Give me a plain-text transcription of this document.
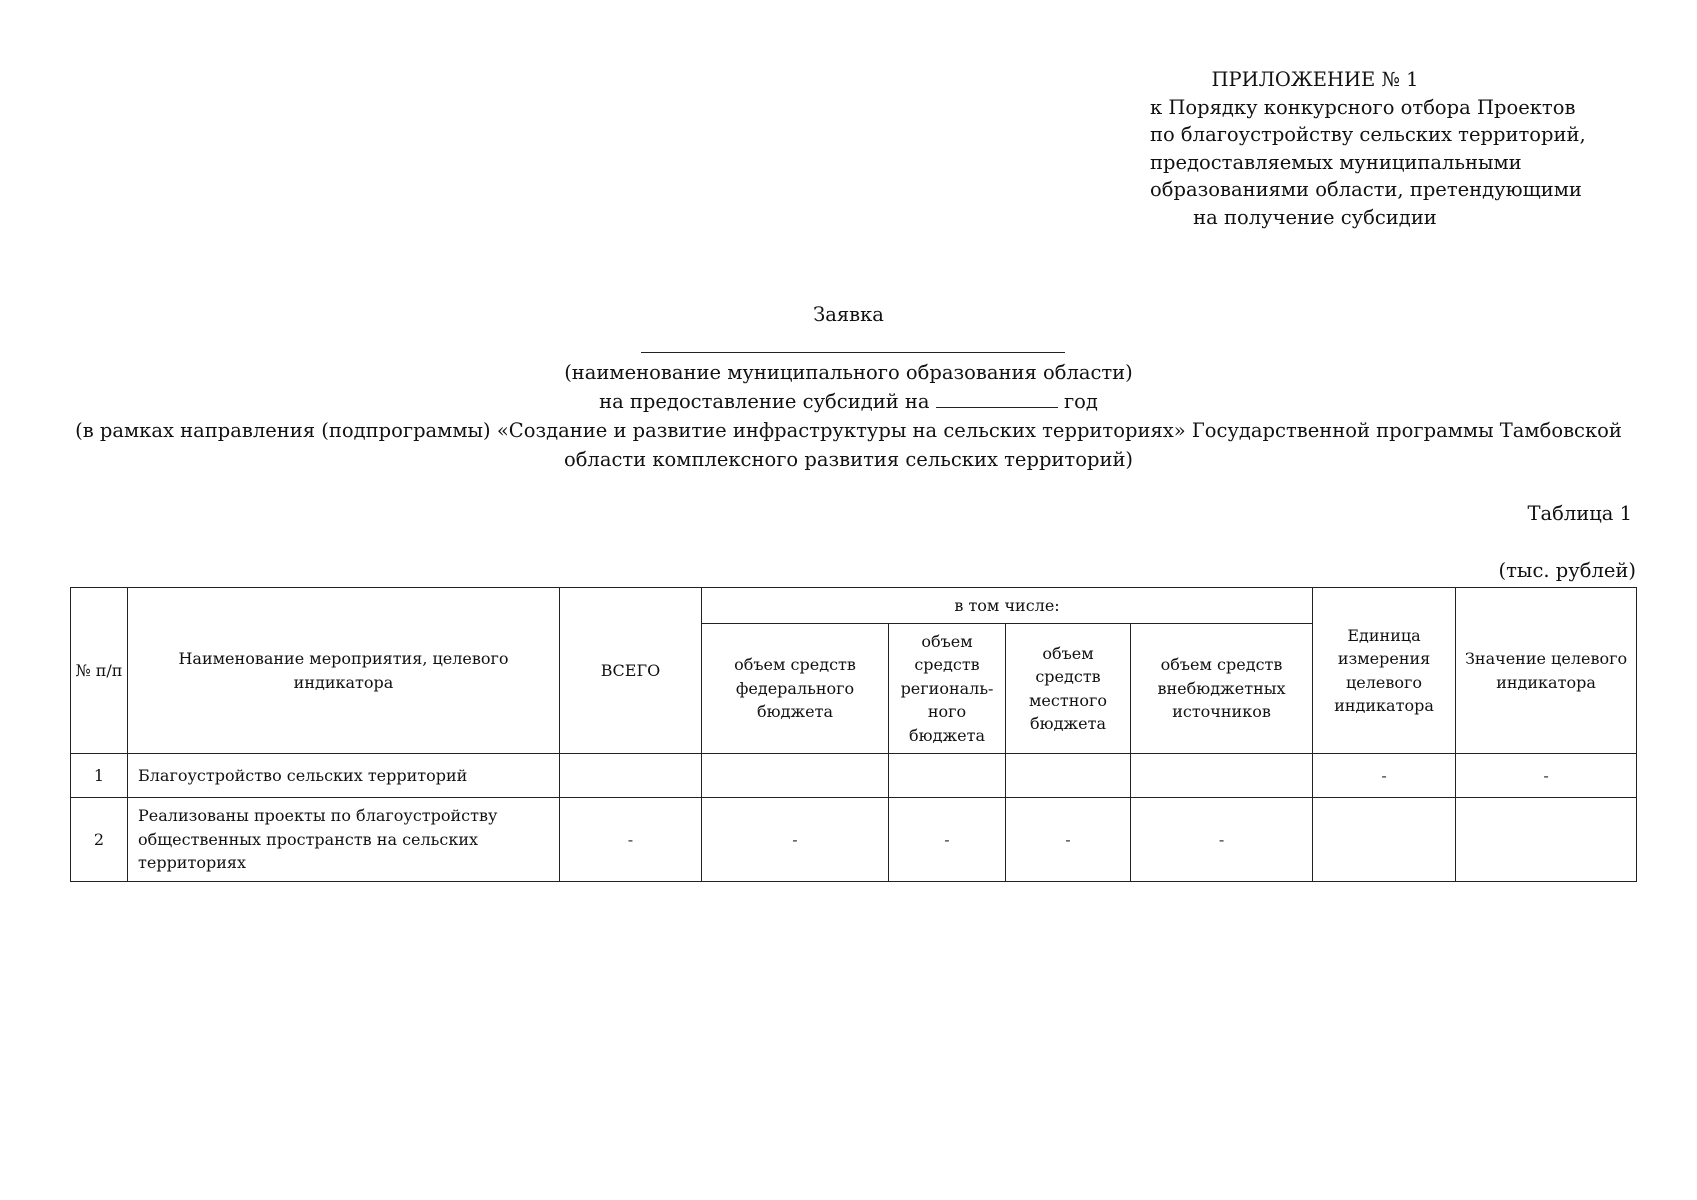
ПРИЛОЖЕНИЕ № 1
к Порядку конкурсного отбора Проектов
по благоустройству сельских территорий,
предоставляемых муниципальными
образованиями области, претендующими
на получение субсидии
Заявка
(наименование муниципального образования области)
на предоставление субсидий на	год
(в рамках направления (подпрограммы) «Создание и развитие инфраструктуры на сельских территориях» Государственной программы Тамбовской
области комплексного развития сельских территорий)
Таблица 1
(тыс. рублей)
№ п/п	Наименование мероприятия, целевого индикатора	ВСЕГО	в том числе:				Единица измерения целевого индикатора	Значение целевого индикатора
			объем средств федерального бюджета	объем средств региональ-ного бюджета	объем средств местного бюджета	объем средств внебюджетных источников		
1	Благоустройство сельских территорий						-	-
2	Реализованы проекты по благоустройству общественных пространств на сельских территориях	-	-	-	-	-		
